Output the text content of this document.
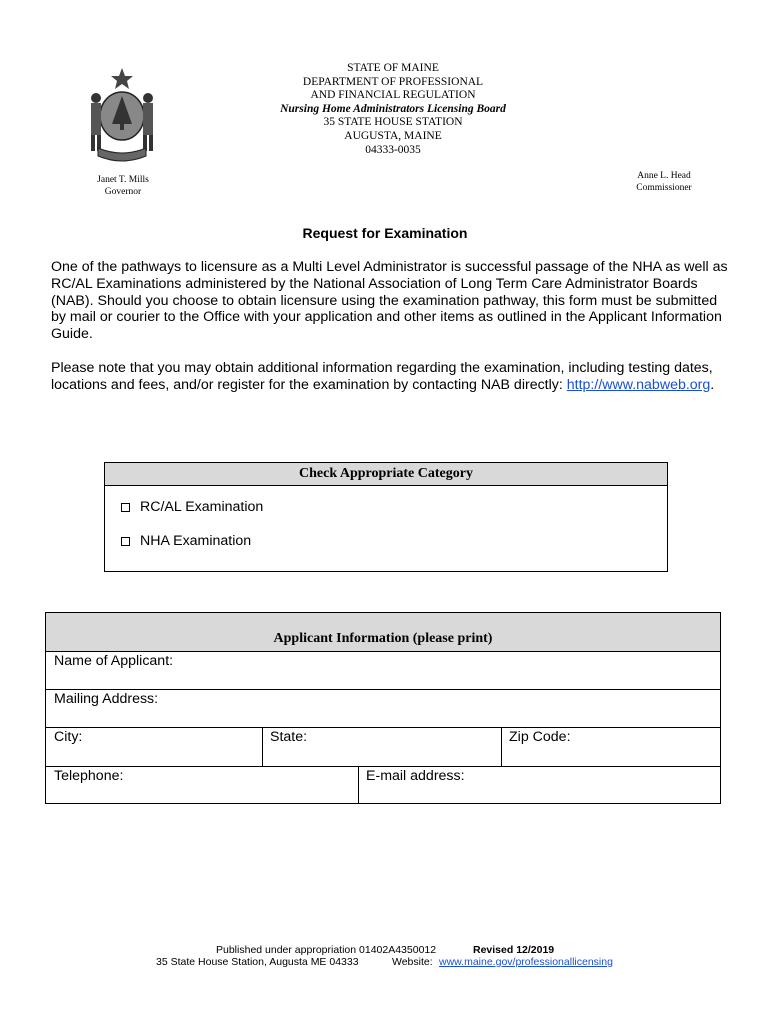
STATE OF MAINE
DEPARTMENT OF PROFESSIONAL
AND FINANCIAL REGULATION
Nursing Home Administrators Licensing Board
35 STATE HOUSE STATION
AUGUSTA, MAINE
04333-0035
Janet T. Mills
Governor
Anne L. Head
Commissioner
Request for Examination
One of the pathways to licensure as a Multi Level Administrator is successful passage of the NHA as well as RC/AL Examinations administered by the National Association of Long Term Care Administrator Boards (NAB). Should you choose to obtain licensure using the examination pathway, this form must be submitted by mail or courier to the Office with your application and other items as outlined in the Applicant Information Guide.
Please note that you may obtain additional information regarding the examination, including testing dates, locations and fees, and/or register for the examination by contacting NAB directly: http://www.nabweb.org.
Check Appropriate Category
RC/AL Examination
NHA Examination
Applicant Information (please print)
Name of Applicant:
Mailing Address:
City:	State:	Zip Code:
Telephone:	E-mail address:
Published under appropriation 01402A4350012	Revised 12/2019
35 State House Station, Augusta ME 04333	Website: www.maine.gov/professionallicensing
